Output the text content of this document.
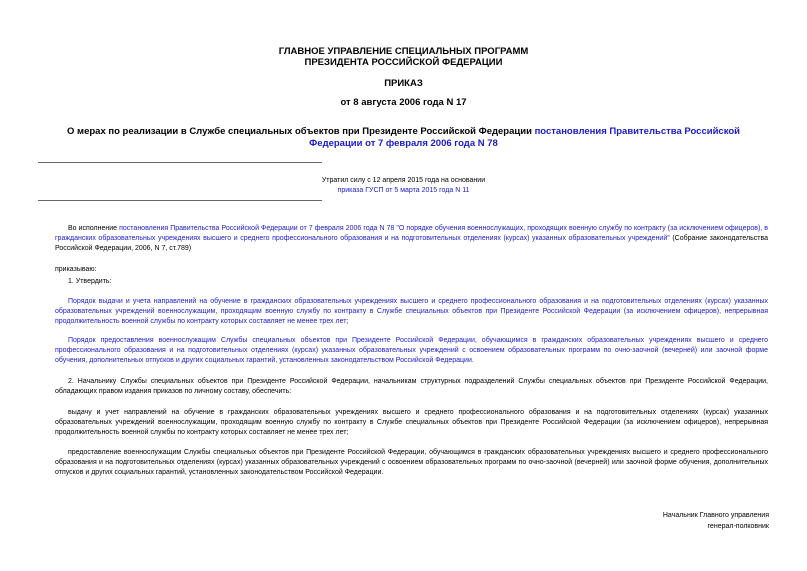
ГЛАВНОЕ УПРАВЛЕНИЕ СПЕЦИАЛЬНЫХ ПРОГРАММ
ПРЕЗИДЕНТА РОССИЙСКОЙ ФЕДЕРАЦИИ
ПРИКАЗ
от 8 августа 2006 года N 17
О мерах по реализации в Службе специальных объектов при Президенте Российской Федерации постановления Правительства Российской Федерации от 7 февраля 2006 года N 78
Утратил силу с 12 апреля 2015 года на основании
приказа ГУСП от 5 марта 2015 года N 11
Во исполнение постановления Правительства Российской Федерации от 7 февраля 2006 года N 78 "О порядке обучения военнослужащих, проходящих военную службу по контракту (за исключением офицеров), в гражданских образовательных учреждениях высшего и среднего профессионального образования и на подготовительных отделениях (курсах) указанных образовательных учреждений" (Собрание законодательства Российской Федерации, 2006, N 7, ст.789)
приказываю:
1. Утвердить:
Порядок выдачи и учета направлений на обучение в гражданских образовательных учреждениях высшего и среднего профессионального образования и на подготовительных отделениях (курсах) указанных образовательных учреждений военнослужащим, проходящим военную службу по контракту в Службе специальных объектов при Президенте Российской Федерации (за исключением офицеров), непрерывная продолжительность военной службы по контракту которых составляет не менее трех лет;
Порядок предоставления военнослужащим Службы специальных объектов при Президенте Российской Федерации, обучающимся в гражданских образовательных учреждениях высшего и среднего профессионального образования и на подготовительных отделениях (курсах) указанных образовательных учреждений с освоением образовательных программ по очно-заочной (вечерней) или заочной форме обучения, дополнительных отпусков и других социальных гарантий, установленных законодательством Российской Федерации.
2. Начальнику Службы специальных объектов при Президенте Российской Федерации, начальникам структурных подразделений Службы специальных объектов при Президенте Российской Федерации, обладающих правом издания приказов по личному составу, обеспечить:
выдачу и учет направлений на обучение в гражданских образовательных учреждениях высшего и среднего профессионального образования и на подготовительных отделениях (курсах) указанных образовательных учреждений военнослужащим, проходящим военную службу по контракту в Службе специальных объектов при Президенте Российской Федерации (за исключением офицеров), непрерывная продолжительность военной службы по контракту которых составляет не менее трех лет;
предоставление военнослужащим Службы специальных объектов при Президенте Российской Федерации, обучающимся в гражданских образовательных учреждениях высшего и среднего профессионального образования и на подготовительных отделениях (курсах) указанных образовательных учреждений с освоением образовательных программ по очно-заочной (вечерней) или заочной форме обучения, дополнительных отпусков и других социальных гарантий, установленных законодательством Российской Федерации.
Начальник Главного управления
генерал-полковник
